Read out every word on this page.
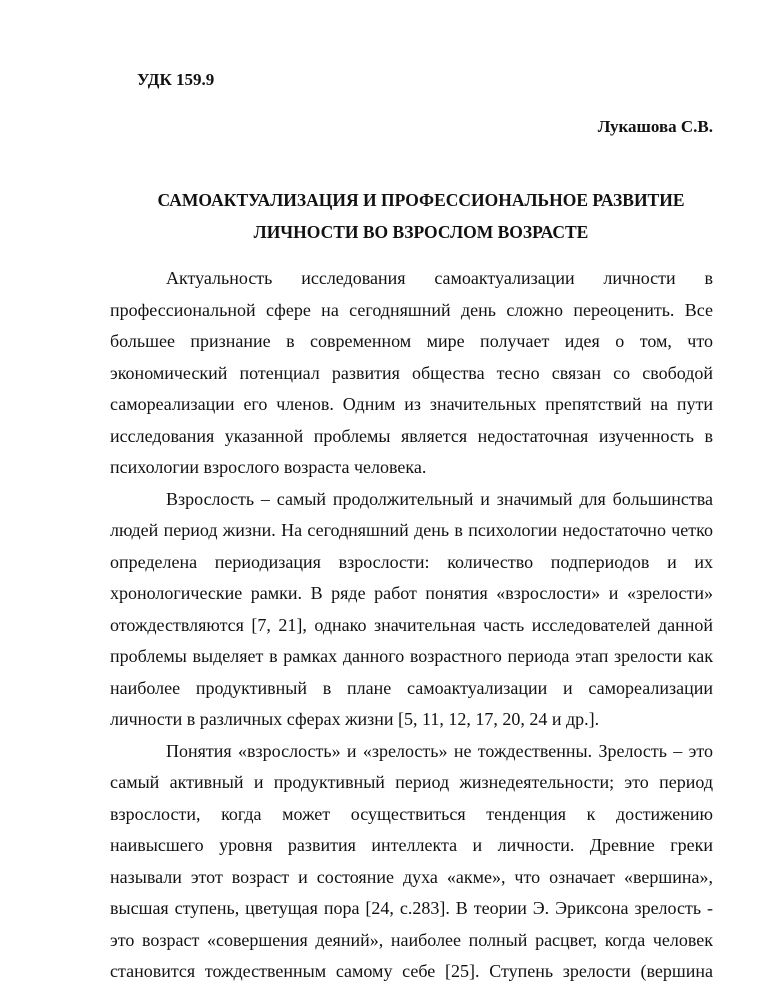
УДК 159.9

Лукашова С.В.

САМОАКТУАЛИЗАЦИЯ И ПРОФЕССИОНАЛЬНОЕ РАЗВИТИЕ
ЛИЧНОСТИ ВО ВЗРОСЛОМ ВОЗРАСТЕ
Актуальность исследования самоактуализации личности в
профессиональной сфере на сегодняшний день сложно переоценить. Все
большее признание в современном мире получает идея о том, что
экономический потенциал развития общества тесно связан со свободой
самореализации его членов. Одним из значительных препятствий на пути
исследования указанной проблемы является недостаточная изученность в
психологии взрослого возраста человека.
Взрослость – самый продолжительный и значимый для большинства
людей период жизни. На сегодняшний день в психологии недостаточно четко
определена периодизация взрослости: количество подпериодов и их
хронологические рамки. В ряде работ понятия «взрослости» и «зрелости»
отождествляются [7, 21], однако значительная часть исследователей данной
проблемы выделяет в рамках данного возрастного периода этап зрелости как
наиболее продуктивный в плане самоактуализации и самореализации
личности в различных сферах жизни [5, 11, 12, 17, 20, 24 и др.].
Понятия «взрослость» и «зрелость» не тождественны. Зрелость – это
самый активный и продуктивный период жизнедеятельности; это период
взрослости, когда может осуществиться тенденция к достижению
наивысшего уровня развития интеллекта и личности. Древние греки
называли этот возраст и состояние духа «акме», что означает «вершина»,
высшая ступень, цветущая пора [24, с.283]. В теории Э. Эриксона зрелость -
это возраст «совершения деяний», наиболее полный расцвет, когда человек
становится тождественным самому себе [25]. Ступень зрелости (вершина
